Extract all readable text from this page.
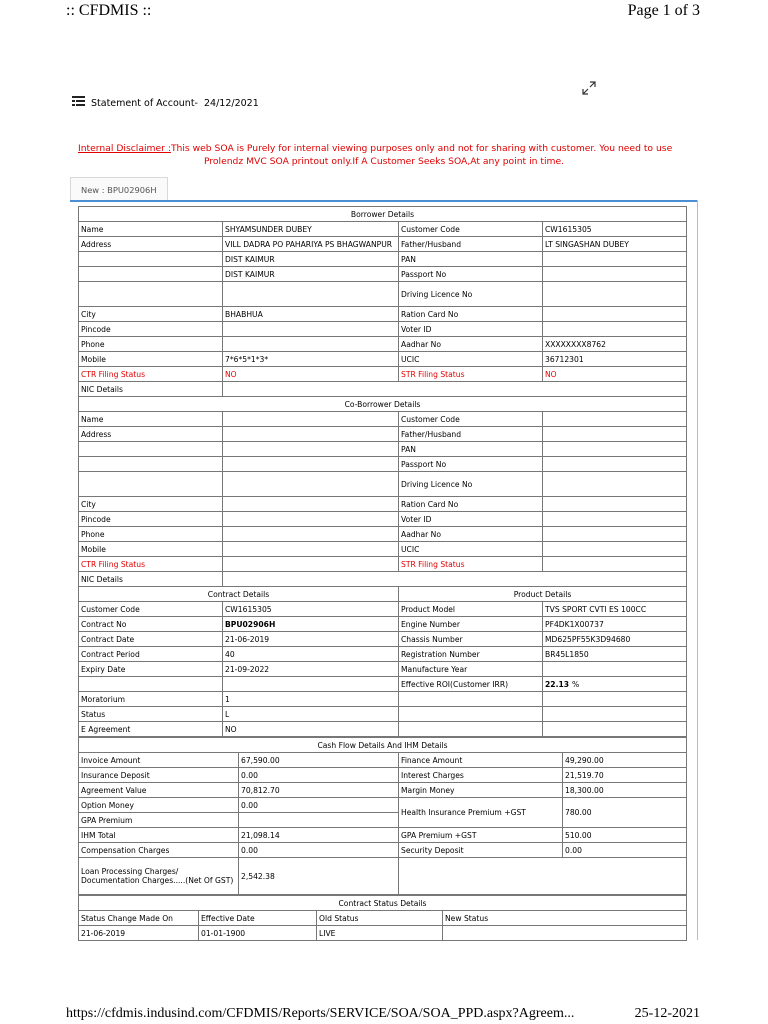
:: CFDMIS ::	Page 1 of 3
Statement of Account- 24/12/2021
Internal Disclaimer :This web SOA is Purely for internal viewing purposes only and not for sharing with customer. You need to use
Prolendz MVC SOA printout only.If A Customer Seeks SOA,At any point in time.
New : BPU02906H
Borrower Details			
Name	SHYAMSUNDER DUBEY	Customer Code	CW1615305
Address	VILL DADRA PO PAHARIYA PS BHAGWANPUR	Father/Husband	LT SINGASHAN DUBEY
	DIST KAIMUR	PAN	
	DIST KAIMUR	Passport No	
		Driving Licence No	
City	BHABHUA	Ration Card No	
Pincode		Voter ID	
Phone		Aadhar No	XXXXXXXX8762
Mobile	7*6*5*1*3*	UCIC	36712301
CTR Filing Status	NO	STR Filing Status	NO
NIC Details			
Co-Borrower Details			
Name		Customer Code	
Address		Father/Husband	
		PAN	
		Passport No	
		Driving Licence No	
City		Ration Card No	
Pincode		Voter ID	
Phone		Aadhar No	
Mobile		UCIC	
CTR Filing Status		STR Filing Status	
NIC Details			
Contract Details		Product Details	
Customer Code	CW1615305	Product Model	TVS SPORT CVTI ES 100CC
Contract No	BPU02906H	Engine Number	PF4DK1X00737
Contract Date	21-06-2019	Chassis Number	MD625PF55K3D94680
Contract Period	40	Registration Number	BR45L1850
Expiry Date	21-09-2022	Manufacture Year	
		Effective ROI(Customer IRR)	22.13 %
Moratorium	1		
Status	L		
E Agreement	NO		
Cash Flow Details And IHM Details			
Invoice Amount	67,590.00	Finance Amount	49,290.00
Insurance Deposit	0.00	Interest Charges	21,519.70
Agreement Value	70,812.70	Margin Money	18,300.00
Option Money	0.00	Health Insurance Premium +GST	780.00
GPA Premium			
IHM Total	21,098.14	GPA Premium +GST	510.00
Compensation Charges	0.00	Security Deposit	0.00
Loan Processing Charges/ Documentation Charges.....(Net Of GST)	2,542.38		
Contract Status Details			
Status Change Made On	Effective Date	Old Status	New Status
21-06-2019	01-01-1900	LIVE	
https://cfdmis.indusind.com/CFDMIS/Reports/SERVICE/SOA/SOA_PPD.aspx?Agreem...	25-12-2021
